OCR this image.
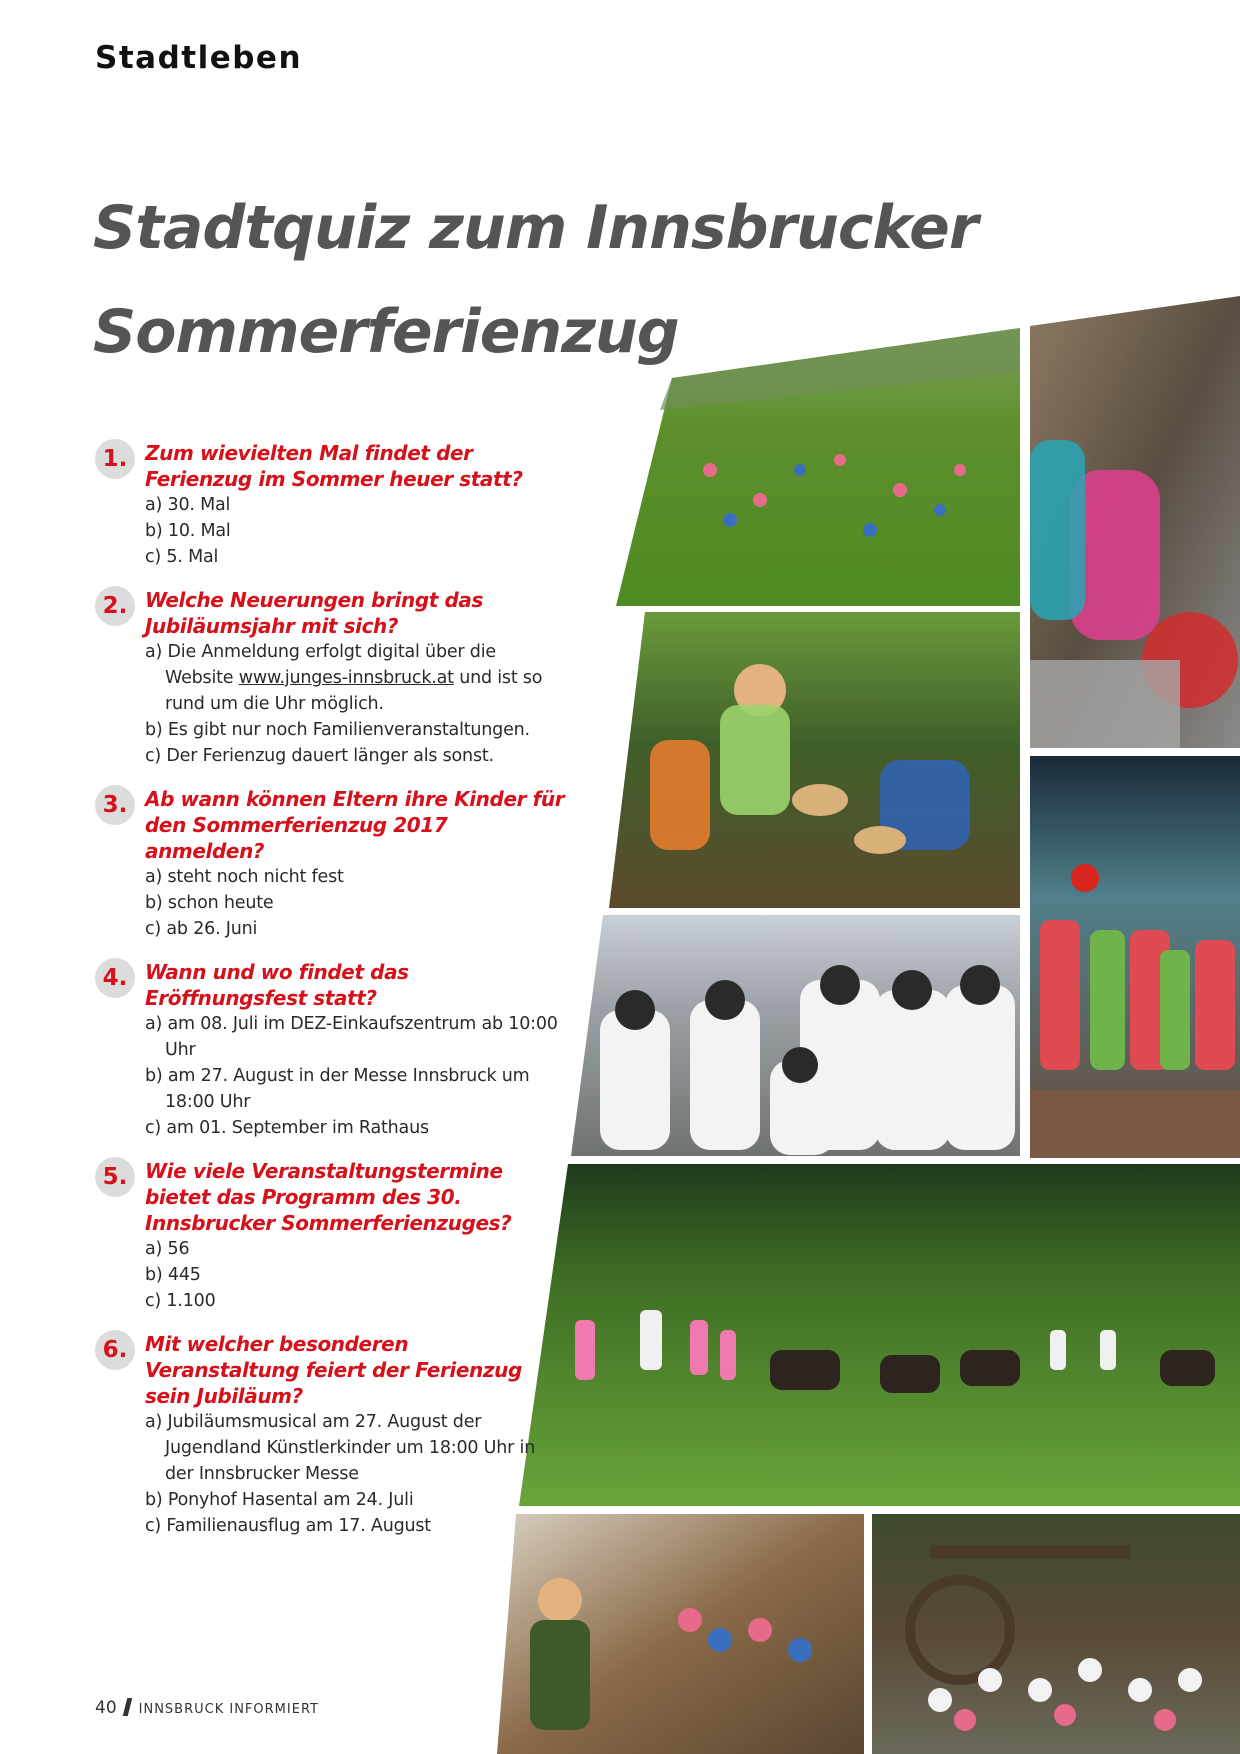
Stadtleben
Stadtquiz zum Innsbrucker
Sommerferienzug
1. Zum wievielten Mal findet der Ferienzug im Sommer heuer statt?
a) 30. Mal
b) 10. Mal
c) 5. Mal
2. Welche Neuerungen bringt das Jubiläumsjahr mit sich?
a) Die Anmeldung erfolgt digital über die Website www.junges-innsbruck.at und ist so rund um die Uhr möglich.
b) Es gibt nur noch Familienveranstaltungen.
c) Der Ferienzug dauert länger als sonst.
3. Ab wann können Eltern ihre Kinder für den Sommerferienzug 2017 anmelden?
a) steht noch nicht fest
b) schon heute
c) ab 26. Juni
4. Wann und wo findet das Eröffnungsfest statt?
a) am 08. Juli im DEZ-Einkaufszentrum ab 10:00 Uhr
b) am 27. August in der Messe Innsbruck um 18:00 Uhr
c) am 01. September im Rathaus
5. Wie viele Veranstaltungstermine bietet das Programm des 30. Innsbrucker Sommerferienzuges?
a) 56
b) 445
c) 1.100
6. Mit welcher besonderen Veranstaltung feiert der Ferienzug sein Jubiläum?
a) Jubiläumsmusical am 27. August der Jugendland Künstlerkinder um 18:00 Uhr in der Innsbrucker Messe
b) Ponyhof Hasental am 24. Juli
c) Familienausflug am 17. August
40 INNSBRUCK INFORMIERT
